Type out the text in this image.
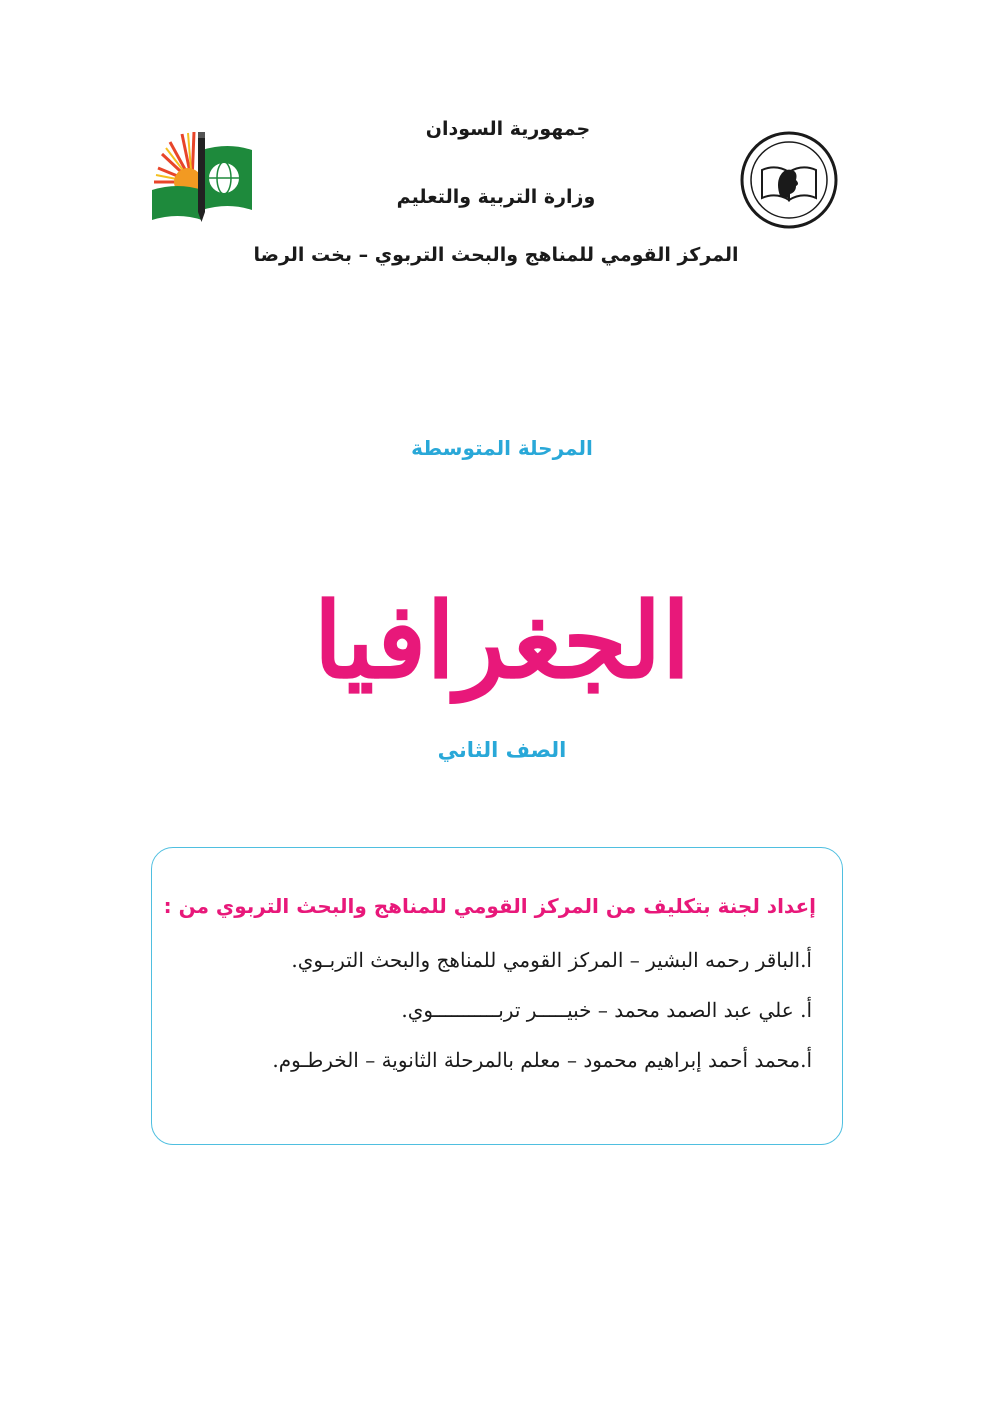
جمهورية السودان
وزارة التربية والتعليم
المركز القومي للمناهج والبحث التربوي – بخت الرضا
المرحلة المتوسطة
الجغرافيا
الصف الثاني
إعداد لجنة بتكليف من المركز القومي للمناهج والبحث التربوي من :
أ.الباقر رحمه البشير – المركز القومي للمناهج والبحث التربـوي.
أ. علي عبد الصمد محمد – خبيـــــر تربـــــــــــوي.
أ.محمد أحمد إبراهيم محمود – معلم بالمرحلة الثانوية – الخرطـوم.
